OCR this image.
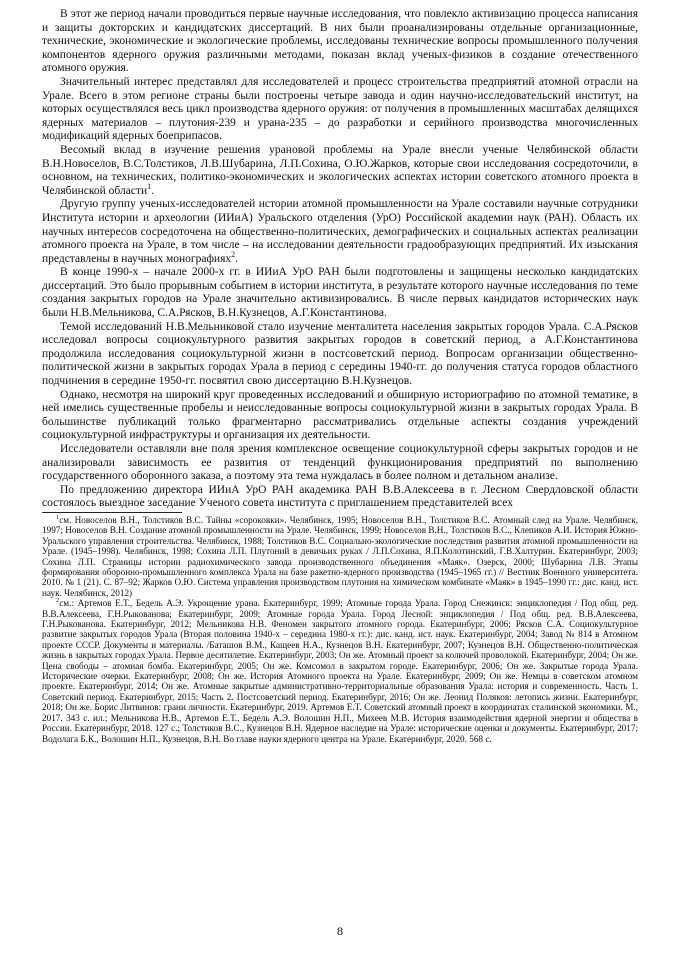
В этот же период начали проводиться первые научные исследования, что повлекло активизацию процесса написания и защиты докторских и кандидатских диссертаций. В них были проанализированы отдельные организационные, технические, экономические и экологические проблемы, исследованы технические вопросы промышленного получения компонентов ядерного оружия различными методами, показан вклад ученых-физиков в создание отечественного атомного оружия.

Значительный интерес представлял для исследователей и процесс строительства предприятий атомной отрасли на Урале. Всего в этом регионе страны были построены четыре завода и один научно-исследовательский институт, на которых осуществлялся весь цикл производства ядерного оружия: от получения в промышленных масштабах делящихся ядерных материалов – плутония-239 и урана-235 – до разработки и серийного производства многочисленных модификаций ядерных боеприпасов.

Весомый вклад в изучение решения урановой проблемы на Урале внесли ученые Челябинской области В.Н.Новоселов, В.С.Толстиков, Л.В.Шубарина, Л.П.Сохина, О.Ю.Жарков, которые свои исследования сосредоточили, в основном, на технических, политико-экономических и экологических аспектах истории советского атомного проекта в Челябинской области$^1$.

Другую группу ученых-исследователей истории атомной промышленности на Урале составили научные сотрудники Института истории и археологии (ИИиА) Уральского отделения (УрО) Российской академии наук (РАН). Область их научных интересов сосредоточена на общественно-политических, демографических и социальных аспектах реализации атомного проекта на Урале, в том числе – на исследовании деятельности градообразующих предприятий. Их изыскания представлены в научных монографиях$^2$.

В конце 1990-х – начале 2000-х гг. в ИИиА УрО РАН были подготовлены и защищены несколько кандидатских диссертаций. Это было прорывным событием в истории института, в результате которого научные исследования по теме создания закрытых городов на Урале значительно активизировались. В числе первых кандидатов исторических наук были Н.В.Мельникова, С.А.Рясков, В.Н.Кузнецов, А.Г.Константинова.

Темой исследований Н.В.Мельниковой стало изучение менталитета населения закрытых городов Урала. С.А.Рясков исследовал вопросы социокультурного развития закрытых городов в советский период, а А.Г.Константинова продолжила исследования социокультурной жизни в постсоветский период. Вопросам организации общественно-политической жизни в закрытых городах Урала в период с середины 1940-гг. до получения статуса городов областного подчинения в середине 1950-гг. посвятил свою диссертацию В.Н.Кузнецов.

Однако, несмотря на широкий круг проведенных исследований и обширную историографию по атомной тематике, в ней имелись существенные пробелы и неисследованные вопросы социокультурной жизни в закрытых городах Урала. В большинстве публикаций только фрагментарно рассматривались отдельные аспекты создания учреждений социокультурной инфраструктуры и организация их деятельности.

Исследователи оставляли вне поля зрения комплексное освещение социокультурной сферы закрытых городов и не анализировали зависимость ее развития от тенденций функционирования предприятий по выполнению государственного оборонного заказа, а поэтому эта тема нуждалась в более полном и детальном анализе.

По предложению директора ИИиА УрО РАН академика РАН В.В.Алексеева в г. Лесном Свердловской области состоялось выездное заседание Ученого совета института с приглашением представителей всех

$^1$см. Новоселов В.Н., Толстиков В.С. Тайны «сороковки». Челябинск, 1995; Новоселов В.Н., Толстиков В.С. Атомный след на Урале. Челябинск, 1997; Новоселов В.Н. Создание атомной промышленности на Урале. Челябинск, 1999; Новоселов В.Н., Толстиков В.С., Клепиков А.И. История Южно-Уральского управления строительства. Челябинск, 1988; Толстиков В.С. Социально-экологические последствия развития атомной промышленности на Урале. (1945–1998). Челябинск, 1998; Сохина Л.П. Плутоний в девичьих руках / Л.П.Сохина, Я.П.Колотинский, Г.В.Халтурин. Екатеринбург, 2003; Сохина Л.П. Страницы истории радиохимического завода производственного объединения «Маяк». Озерск, 2000; Шубарина Л.В. Этапы формирования оборонно-промышленного комплекса Урала на базе ракетно-ядерного производства (1945–1965 гг.) // Вестник Военного университета. 2010. № 1 (21). С. 87–92; Жарков О.Ю. Система управления производством плутония на химическом комбинате «Маяк» в 1945–1990 гг.: дис. канд. ист. наук. Челябинск, 2012)

$^2$см.: Артемов Е.Т., Бедель А.Э. Укрощение урана. Екатеринбург, 1999; Атомные города Урала. Город Снежинск: энциклопедия / Под общ. ред. В.В.Алексеева, Г.Н.Рыковановa; Екатеринбург, 2009; Атомные города Урала. Город Лесной: энциклопедия / Под общ. ред. В.В.Алексеева, Г.Н.Рыкованова. Екатеринбург, 2012; Мельникова Н.В. Феномен закрытого атомного города. Екатеринбург, 2006; Рясков С.А. Социокультурное развитие закрытых городов Урала (Вторая половина 1940-х – середина 1980-х гг.): дис. канд. ист. наук. Екатеринбург, 2004; Завод № 814 в Атомном проекте СССР. Документы и материалы. /Баташов В.М., Кащеев Н.А., Кузнецов В.Н. Екатеринбург, 2007; Кузнецов В.Н. Общественно-политическая жизнь в закрытых городах Урала. Первое десятилетие. Екатеринбург, 2003; Он же. Атомный проект за колючей проволокой. Екатеринбург, 2004; Он же. Цена свободы – атомная бомба. Екатеринбург, 2005; Он же. Комсомол в закрытом городе. Екатеринбург, 2006; Он же. Закрытые города Урала. Исторические очерки. Екатеринбург, 2008; Он же. История Атомного проекта на Урале. Екатеринбург, 2009; Он же. Немцы в советском атомном проекте. Екатеринбург, 2014; Он же. Атомные закрытые административно-территориальные образования Урала: история и современность. Часть 1. Советский период. Екатеринбург, 2015; Часть 2. Постсоветский период. Екатеринбург, 2016; Он же. Леонид Поляков: летопись жизни. Екатеринбург, 2018; Он же. Борис Литвинов: грани личности. Екатеринбург, 2019. Артемов Е.Т. Советский атомный проект в координатах сталинской экономики. М., 2017. 343 с. ил.; Мельникова Н.В., Артемов Е.Т., Бедель А.Э. Волошин Н.П., Михеев М.В. История взаимодействия ядерной энергии и общества в России. Екатеринбург, 2018. 127 с.; Толстиков В.С., Кузнецов В.Н. Ядерное наследие на Урале: исторические оценки и документы. Екатеринбург, 2017; Водолага Б.К., Волошин Н.П., Кузнецов, В.Н. Во главе науки ядерного центра на Урале. Екатеринбург, 2020. 568 с.

8
